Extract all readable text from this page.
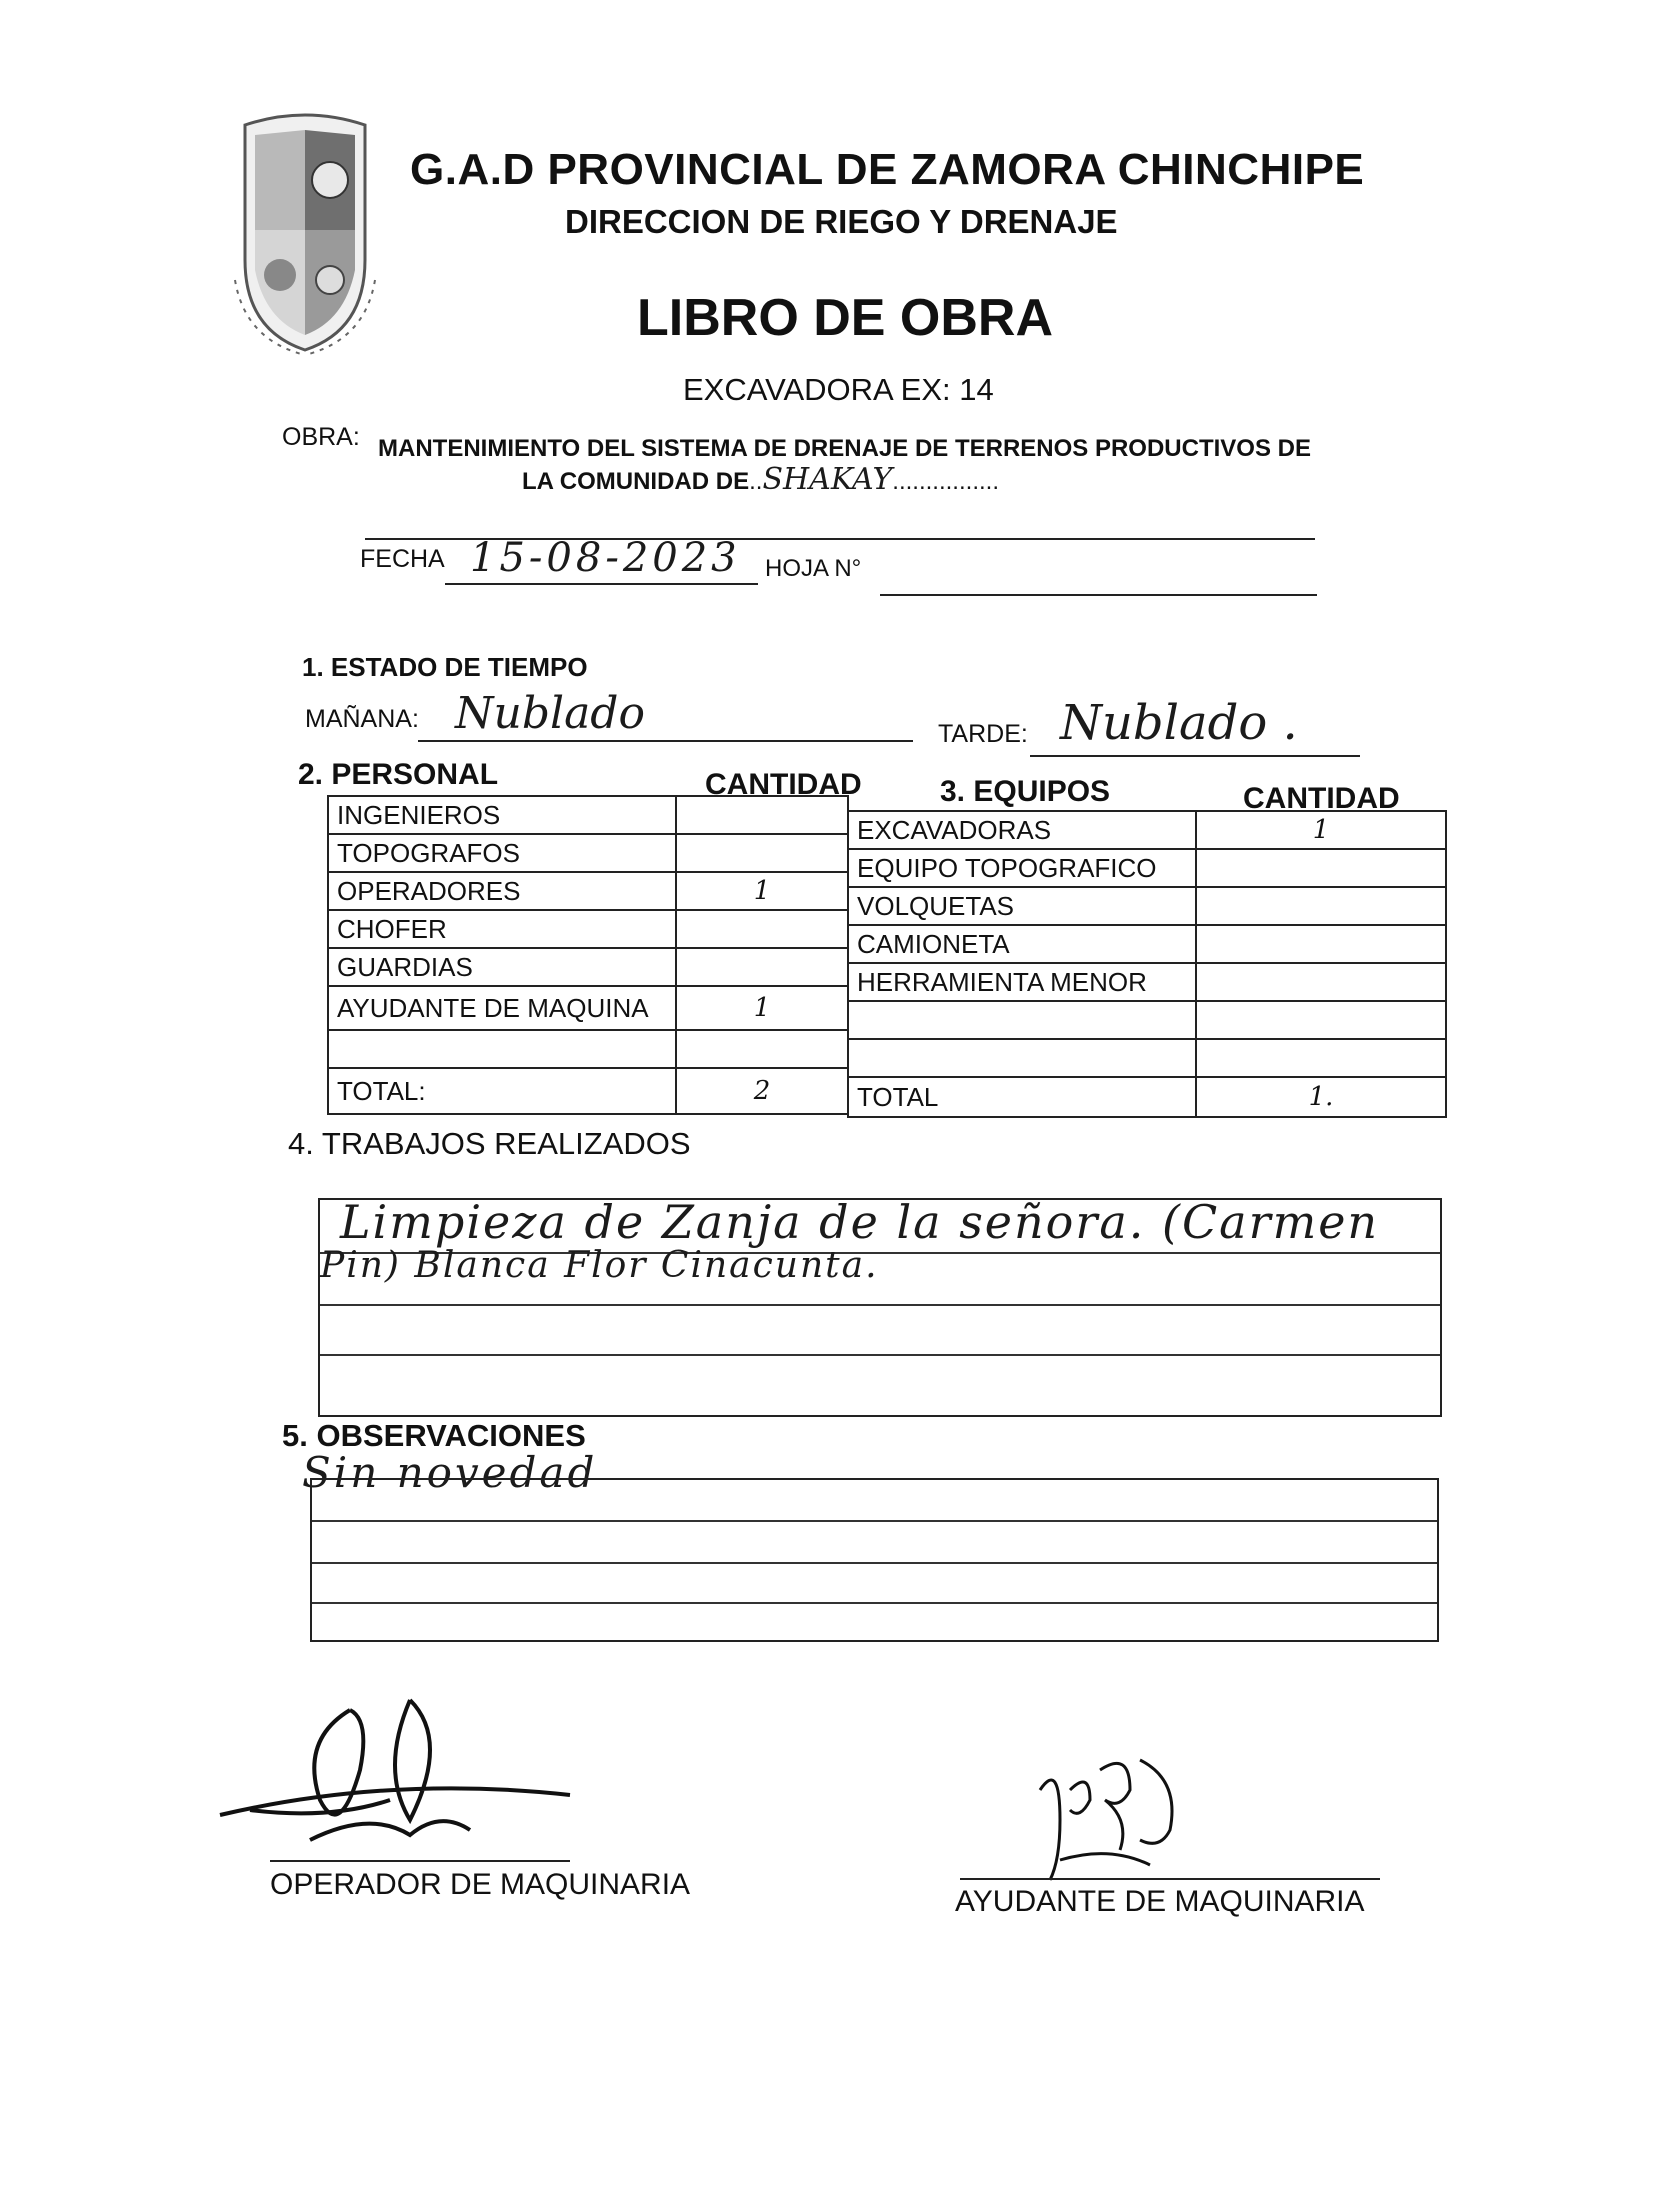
G.A.D PROVINCIAL DE ZAMORA CHINCHIPE
DIRECCION DE RIEGO Y DRENAJE
LIBRO DE OBRA
EXCAVADORA EX: 14
OBRA: MANTENIMIENTO DEL SISTEMA DE DRENAJE DE TERRENOS PRODUCTIVOS DE
LA COMUNIDAD DE..SHAKAY................
FECHA 15-08-2023 HOJA N°
1. ESTADO DE TIEMPO
MAÑANA: Nublado	TARDE: Nublado .
2. PERSONAL	CANTIDAD	3. EQUIPOS	CANTIDAD
INGENIEROS	
TOPOGRAFOS	
OPERADORES	1
CHOFER	
GUARDIAS	
AYUDANTE DE MAQUINA	1

TOTAL:	2
EXCAVADORAS	1
EQUIPO TOPOGRAFICO	
VOLQUETAS	
CAMIONETA	
HERRAMIENTA MENOR	

TOTAL	1.
4. TRABAJOS REALIZADOS
Limpieza de Zanja de la señora. (Carmen
Pin) Blanca Flor Cinacunta.
5. OBSERVACIONES
Sin novedad
OPERADOR DE MAQUINARIA
AYUDANTE DE MAQUINARIA
